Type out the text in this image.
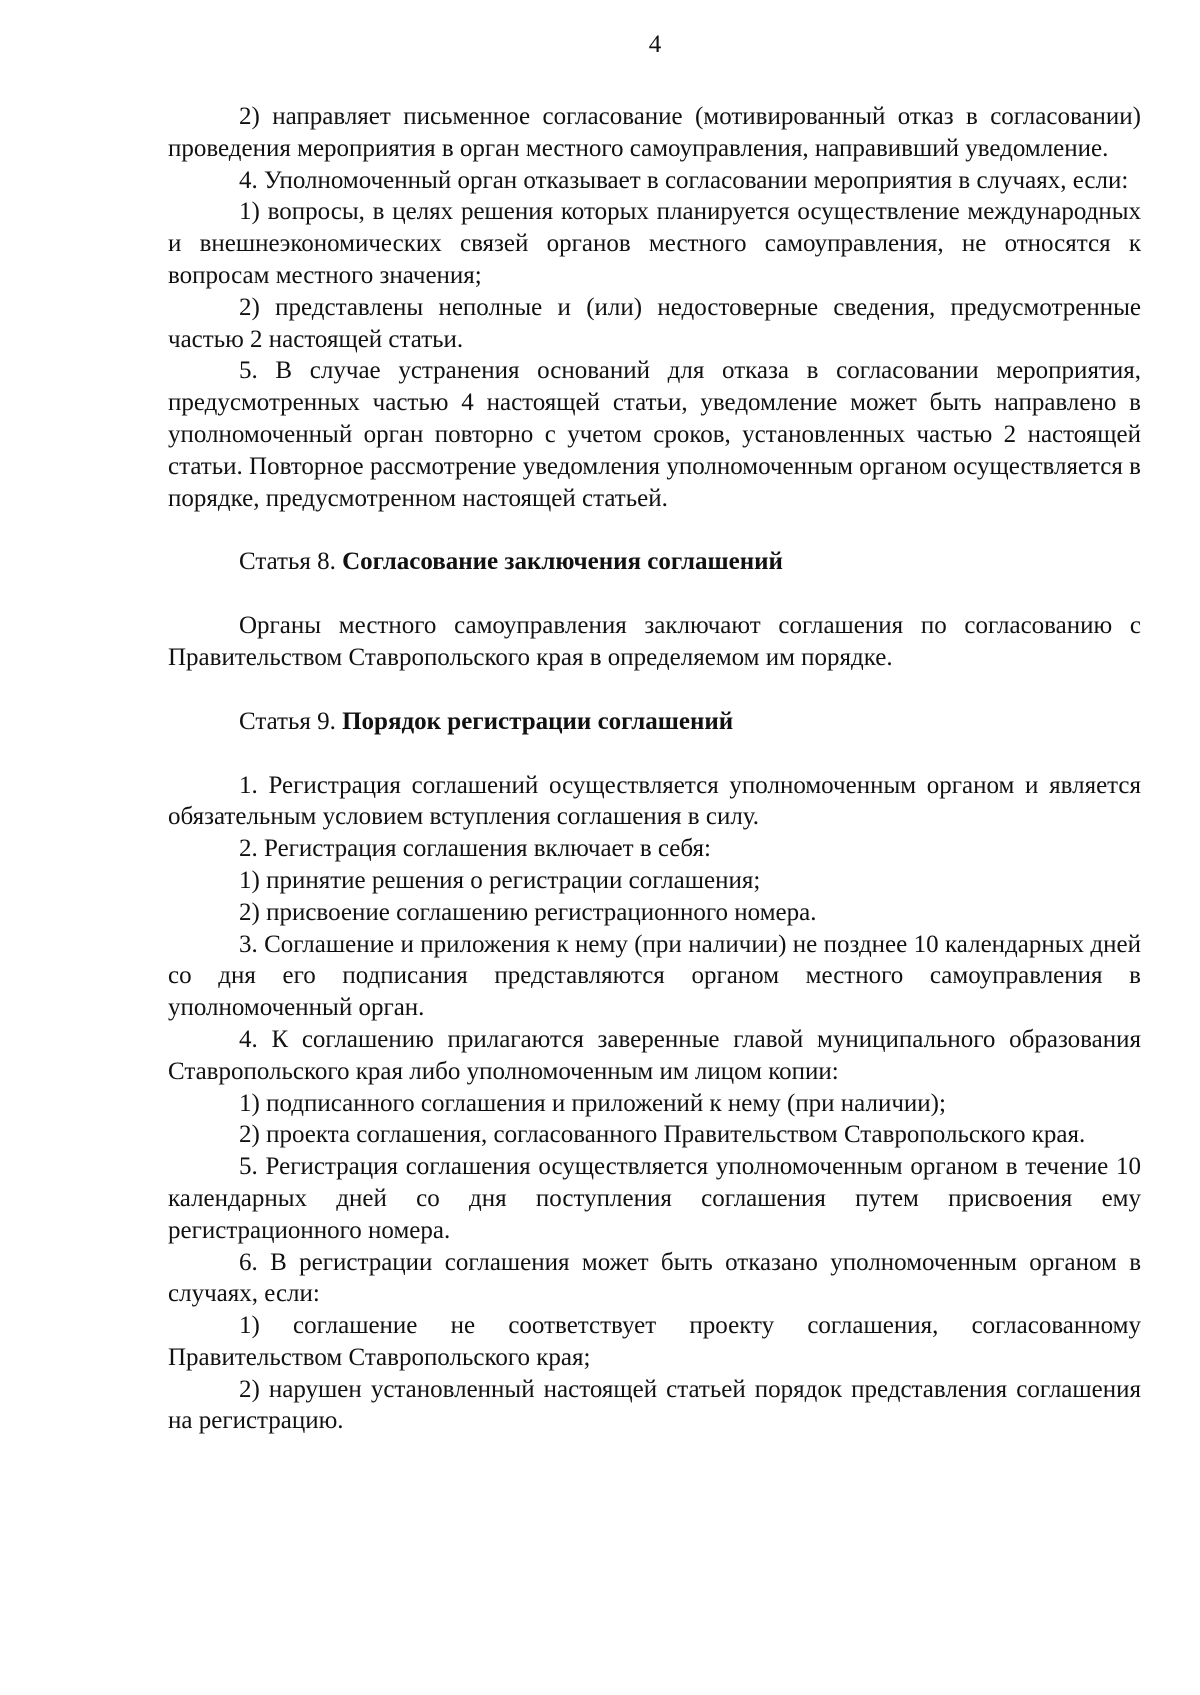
4

2) направляет письменное согласование (мотивированный отказ в согласовании) проведения мероприятия в орган местного самоуправления, направивший уведомление.

4. Уполномоченный орган отказывает в согласовании мероприятия в случаях, если:

1) вопросы, в целях решения которых планируется осуществление международных и внешнеэкономических связей органов местного самоуправления, не относятся к вопросам местного значения;

2) представлены неполные и (или) недостоверные сведения, предусмотренные частью 2 настоящей статьи.

5. В случае устранения оснований для отказа в согласовании мероприятия, предусмотренных частью 4 настоящей статьи, уведомление может быть направлено в уполномоченный орган повторно с учетом сроков, установленных частью 2 настоящей статьи. Повторное рассмотрение уведомления уполномоченным органом осуществляется в порядке, предусмотренном настоящей статьей.

Статья 8. Согласование заключения соглашений

Органы местного самоуправления заключают соглашения по согласованию с Правительством Ставропольского края в определяемом им порядке.

Статья 9. Порядок регистрации соглашений

1. Регистрация соглашений осуществляется уполномоченным органом и является обязательным условием вступления соглашения в силу.

2. Регистрация соглашения включает в себя:

1) принятие решения о регистрации соглашения;

2) присвоение соглашению регистрационного номера.

3. Соглашение и приложения к нему (при наличии) не позднее 10 календарных дней со дня его подписания представляются органом местного самоуправления в уполномоченный орган.

4. К соглашению прилагаются заверенные главой муниципального образования Ставропольского края либо уполномоченным им лицом копии:

1) подписанного соглашения и приложений к нему (при наличии);

2) проекта соглашения, согласованного Правительством Ставропольского края.

5. Регистрация соглашения осуществляется уполномоченным органом в течение 10 календарных дней со дня поступления соглашения путем присвоения ему регистрационного номера.

6. В регистрации соглашения может быть отказано уполномоченным органом в случаях, если:

1) соглашение не соответствует проекту соглашения, согласованному Правительством Ставропольского края;

2) нарушен установленный настоящей статьей порядок представления соглашения на регистрацию.
